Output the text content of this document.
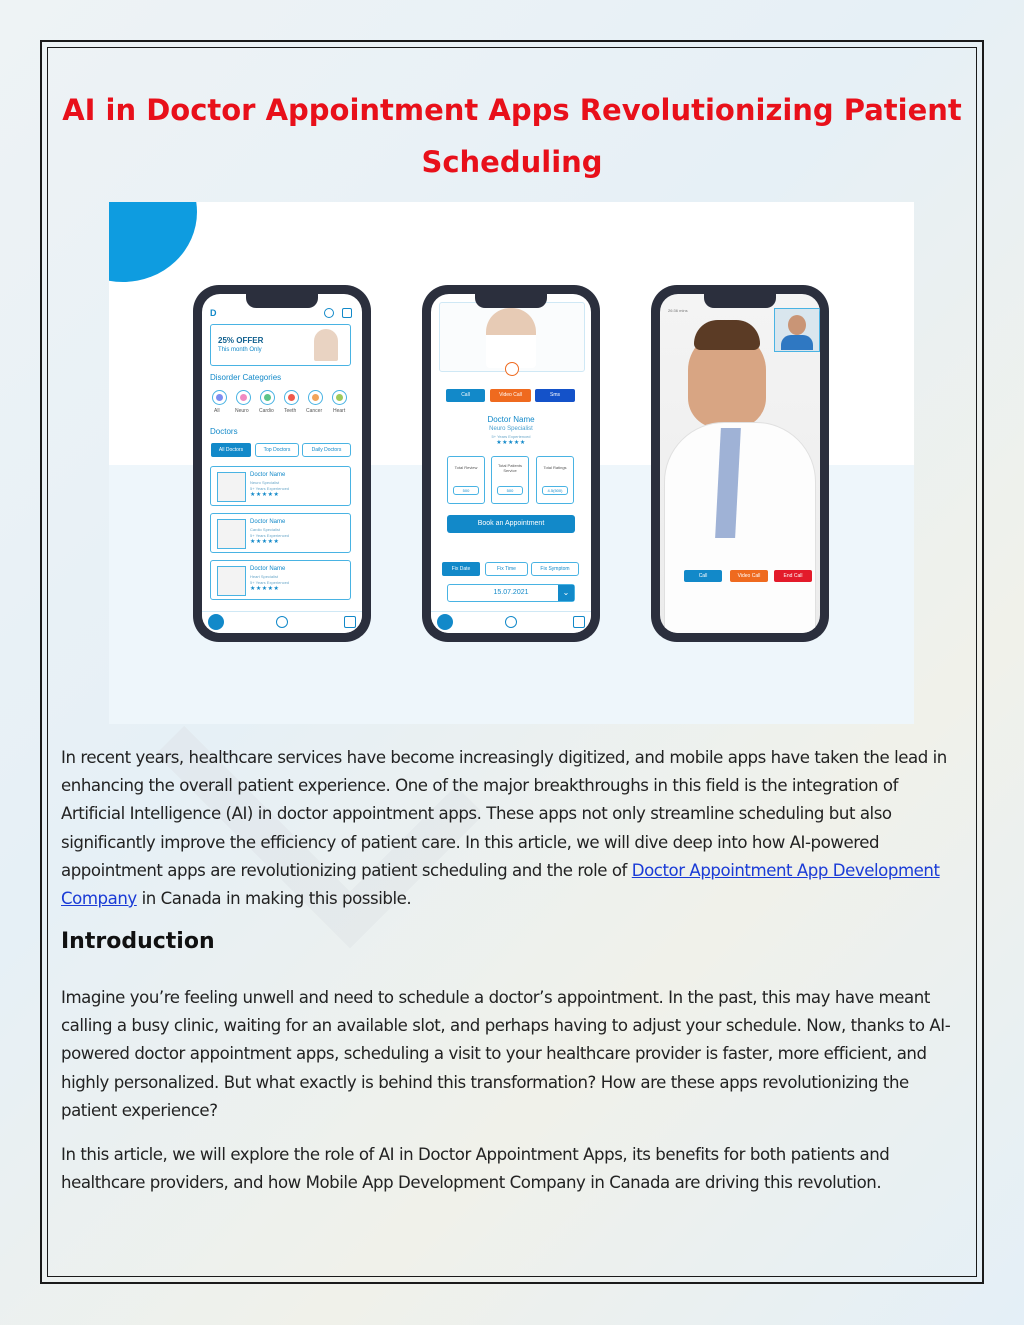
AI in Doctor Appointment Apps Revolutionizing Patient Scheduling
D
25% OFFER
This month Only
Disorder Categories
All	Neuro Cardio Teeth Cancer Heart
Doctors
All Doctors	Top Doctors	Daily Doctors
Doctor Name
Neuro Specialist
5+ Years Experienced
★★★★★
Doctor Name
Cardio Specialist
5+ Years Experienced
★★★★★
Doctor Name
Heart Specialist
5+ Years Experienced
★★★★★
Call	Video Call	Sms
Doctor Name
Neuro Specialist
5+ Years Experienced
★★★★★
Total Review
500
Total Patients Service
500
Total Ratings
4.5(500)
Book an Appointment
Fix Date	Fix Time	Fix Symptom
15.07.2021	⌄
26:36 mins
Call	Video Call	End Call

In recent years, healthcare services have become increasingly digitized, and mobile apps have taken the lead in enhancing the overall patient experience. One of the major breakthroughs in this field is the integration of Artificial Intelligence (AI) in doctor appointment apps. These apps not only streamline scheduling but also significantly improve the efficiency of patient care. In this article, we will dive deep into how AI-powered appointment apps are revolutionizing patient scheduling and the role of Doctor Appointment App Development Company in Canada in making this possible.

Introduction

Imagine you’re feeling unwell and need to schedule a doctor’s appointment. In the past, this may have meant calling a busy clinic, waiting for an available slot, and perhaps having to adjust your schedule. Now, thanks to AI-powered doctor appointment apps, scheduling a visit to your healthcare provider is faster, more efficient, and highly personalized. But what exactly is behind this transformation? How are these apps revolutionizing the patient experience?

In this article, we will explore the role of AI in Doctor Appointment Apps, its benefits for both patients and healthcare providers, and how Mobile App Development Company in Canada are driving this revolution.
